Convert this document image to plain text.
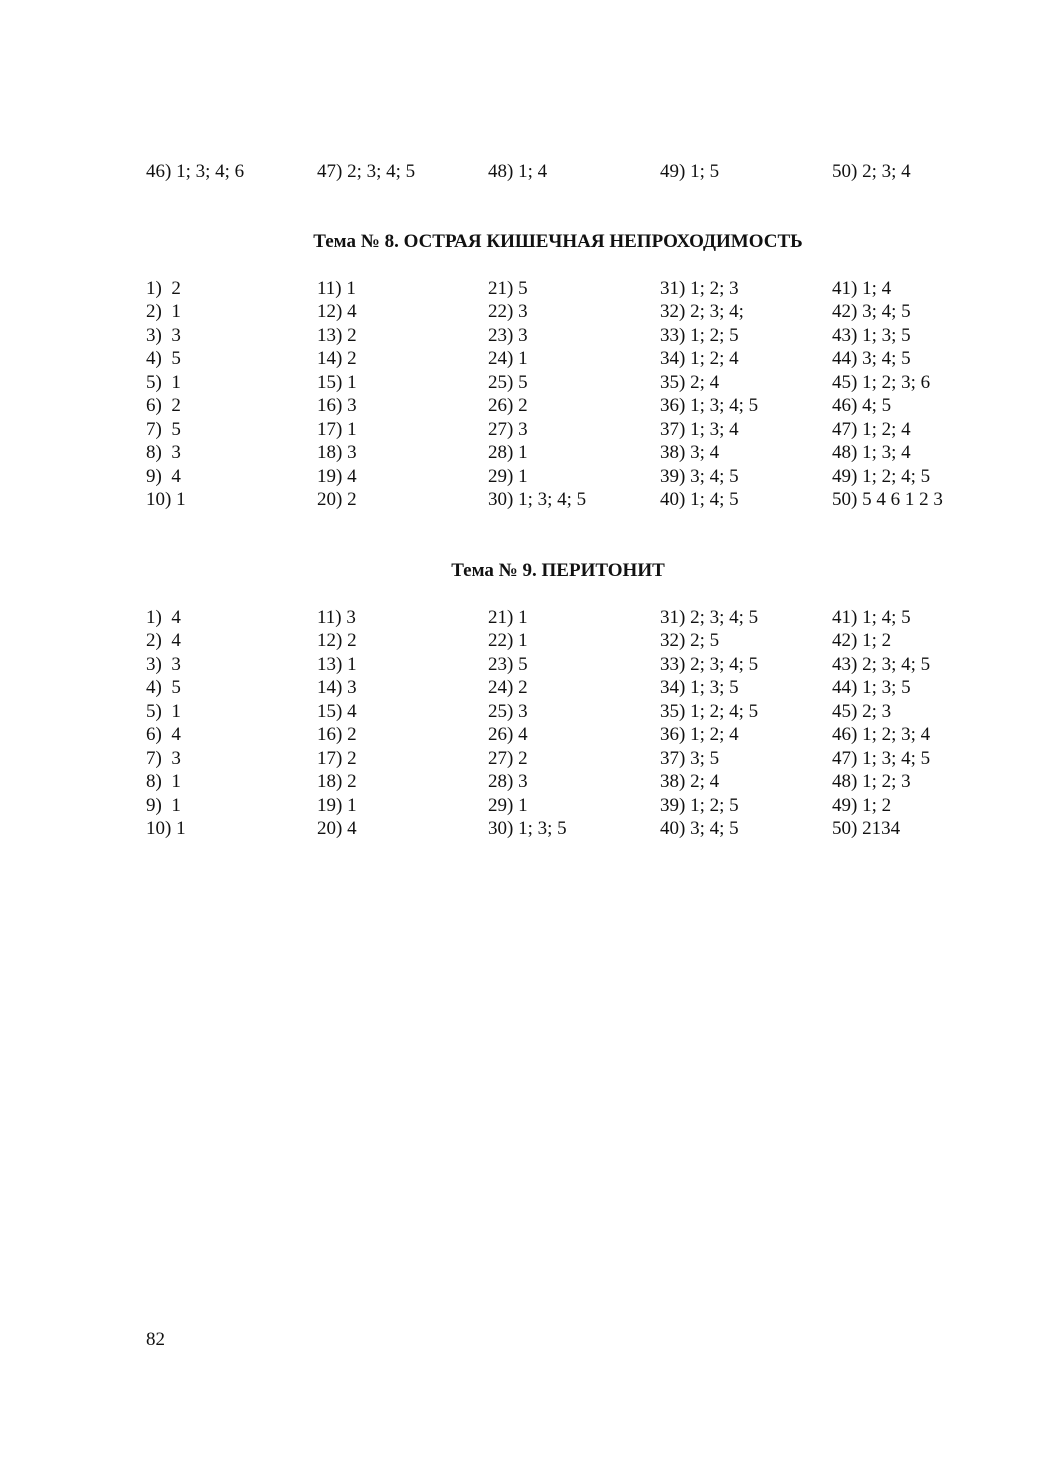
46) 1; 3; 4; 6	47) 2; 3; 4; 5	48) 1; 4	49) 1; 5	50) 2; 3; 4
Тема № 8. ОСТРАЯ КИШЕЧНАЯ НЕПРОХОДИМОСТЬ
1)  2	11) 1	21) 5	31) 1; 2; 3	41) 1; 4
2)  1	12) 4	22) 3	32) 2; 3; 4;	42) 3; 4; 5
3)  3	13) 2	23) 3	33) 1; 2; 5	43) 1; 3; 5
4)  5	14) 2	24) 1	34) 1; 2; 4	44) 3; 4; 5
5)  1	15) 1	25) 5	35) 2; 4	45) 1; 2; 3; 6
6)  2	16) 3	26) 2	36) 1; 3; 4; 5	46) 4; 5
7)  5	17) 1	27) 3	37) 1; 3; 4	47) 1; 2; 4
8)  3	18) 3	28) 1	38) 3; 4	48) 1; 3; 4
9)  4	19) 4	29) 1	39) 3; 4; 5	49) 1; 2; 4; 5
10) 1	20) 2	30) 1; 3; 4; 5	40) 1; 4; 5	50) 5 4 6 1 2 3
Тема № 9. ПЕРИТОНИТ
1)  4	11) 3	21) 1	31) 2; 3; 4; 5	41) 1; 4; 5
2)  4	12) 2	22) 1	32) 2; 5	42) 1; 2
3)  3	13) 1	23) 5	33) 2; 3; 4; 5	43) 2; 3; 4; 5
4)  5	14) 3	24) 2	34) 1; 3; 5	44) 1; 3; 5
5)  1	15) 4	25) 3	35) 1; 2; 4; 5	45) 2; 3
6)  4	16) 2	26) 4	36) 1; 2; 4	46) 1; 2; 3; 4
7)  3	17) 2	27) 2	37) 3; 5	47) 1; 3; 4; 5
8)  1	18) 2	28) 3	38) 2; 4	48) 1; 2; 3
9)  1	19) 1	29) 1	39) 1; 2; 5	49) 1; 2
10) 1	20) 4	30) 1; 3; 5	40) 3; 4; 5	50) 2134
82
